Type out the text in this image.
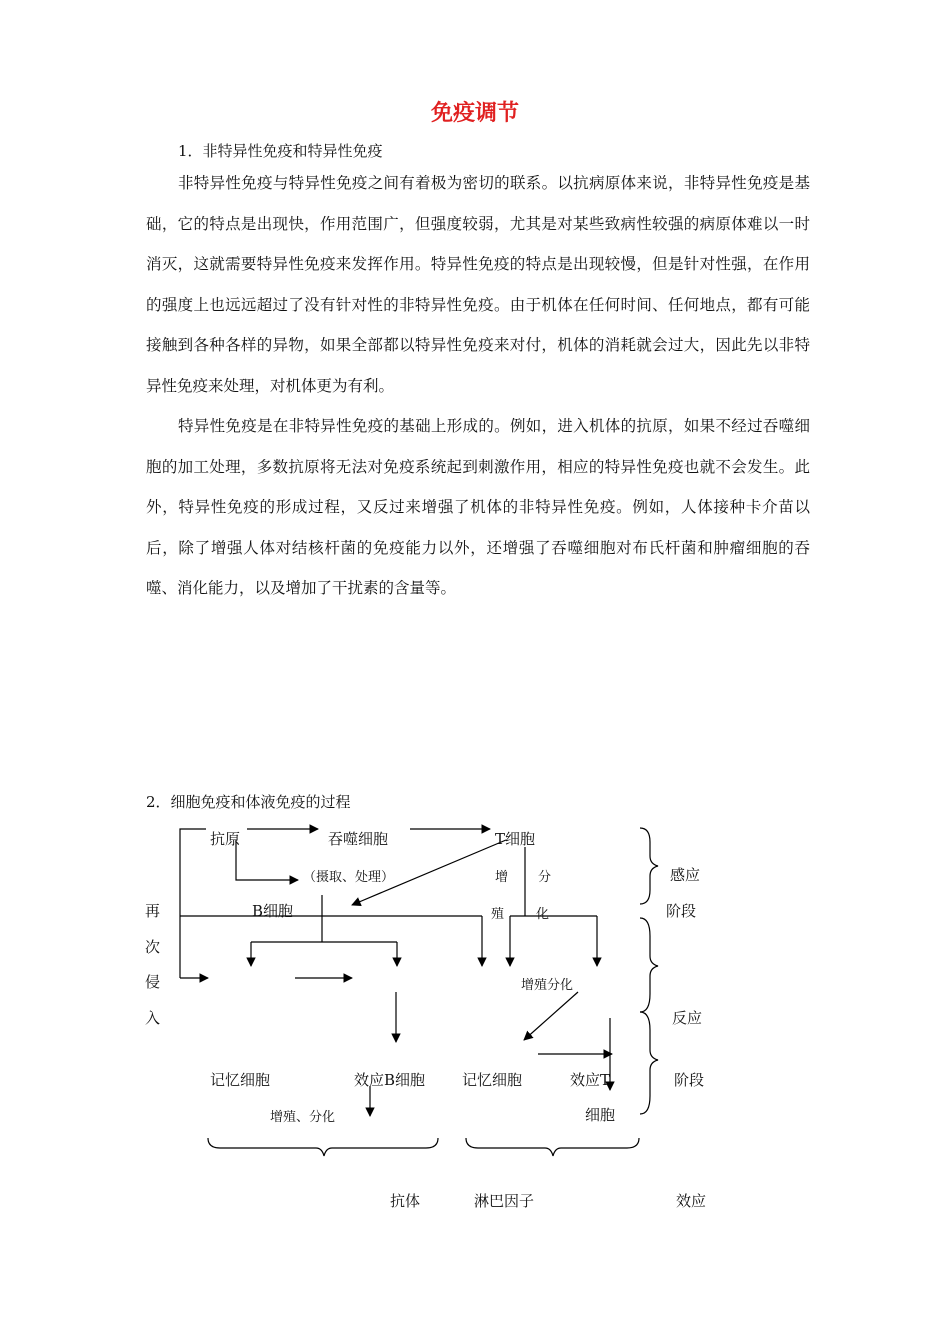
免疫调节
1．非特异性免疫和特异性免疫

非特异性免疫与特异性免疫之间有着极为密切的联系。以抗病原体来说，非特异性免疫是基础，它的特点是出现快，作用范围广，但强度较弱，尤其是对某些致病性较强的病原体难以一时消灭，这就需要特异性免疫来发挥作用。特异性免疫的特点是出现较慢，但是针对性强，在作用的强度上也远远超过了没有针对性的非特异性免疫。由于机体在任何时间、任何地点，都有可能接触到各种各样的异物，如果全部都以特异性免疫来对付，机体的消耗就会过大，因此先以非特异性免疫来处理，对机体更为有利。

特异性免疫是在非特异性免疫的基础上形成的。例如，进入机体的抗原，如果不经过吞噬细胞的加工处理，多数抗原将无法对免疫系统起到刺激作用，相应的特异性免疫也就不会发生。此外，特异性免疫的形成过程，又反过来增强了机体的非特异性免疫。例如，人体接种卡介苗以后，除了增强人体对结核杆菌的免疫能力以外，还增强了吞噬细胞对布氏杆菌和肿瘤细胞的吞噬、消化能力，以及增加了干扰素的含量等。

2．细胞免疫和体液免疫的过程
抗原	吞噬细胞	T细胞
（摄取、处理）	增 分
殖 化
B细胞
再
次
侵
入
增殖分化
记忆细胞	效应B细胞 记忆细胞	效应T
细胞
增殖、分化
抗体	淋巴因子
感应
阶段
反应
阶段
效应
